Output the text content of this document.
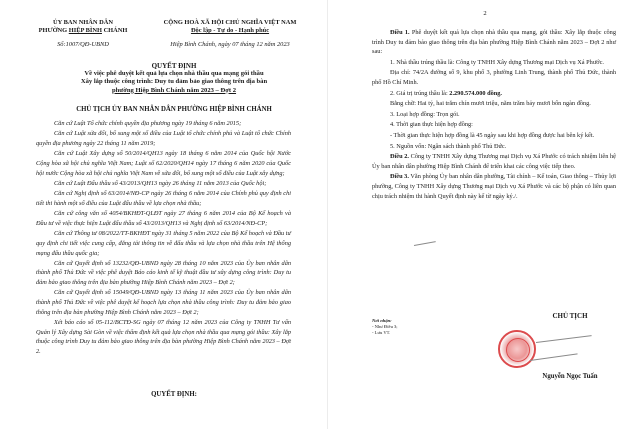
ỦY BAN NHÂN DÂN
PHƯỜNG HIỆP BÌNH CHÁNH
CỘNG HOÀ XÃ HỘI CHỦ NGHĨA VIỆT NAM
Độc lập - Tự do - Hạnh phúc
Số:1007/QĐ-UBND	Hiệp Bình Chánh, ngày 07 tháng 12 năm 2023
QUYẾT ĐỊNH
Về việc phê duyệt kết quả lựa chọn nhà thầu qua mạng gói thầu
Xây lắp thuộc công trình: Duy tu đảm bảo giao thông trên địa bàn
phường Hiệp Bình Chánh năm 2023 – Đợt 2
CHỦ TỊCH ỦY BAN NHÂN DÂN PHƯỜNG HIỆP BÌNH CHÁNH

Căn cứ Luật Tổ chức chính quyền địa phương ngày 19 tháng 6 năm 2015;

Căn cứ Luật sửa đổi, bổ sung một số điều của Luật tổ chức chính phủ và Luật tổ chức Chính quyền địa phương ngày 22 tháng 11 năm 2019;

Căn cứ Luật Xây dựng số 50/2014/QH13 ngày 18 tháng 6 năm 2014 của Quốc hội Nước Cộng hòa xã hội chủ nghĩa Việt Nam; Luật số 62/2020/QH14 ngày 17 tháng 6 năm 2020 của Quốc hội nước Cộng hòa xã hội chủ nghĩa Việt Nam về sửa đổi, bổ sung một số điều của Luật xây dựng;

Căn cứ Luật Đấu thầu số 43/2013/QH13 ngày 26 tháng 11 năm 2013 của Quốc hội;

Căn cứ Nghị định số 63/2014/NĐ-CP ngày 26 tháng 6 năm 2014 của Chính phủ quy định chi tiết thi hành một số điều của Luật đấu thầu về lựa chọn nhà thầu;

Căn cứ công văn số 4054/BKHĐT-QLĐT ngày 27 tháng 6 năm 2014 của Bộ Kế hoạch và Đầu tư về việc thực hiện Luật đấu thầu số 43/2013/QH13 và Nghị định số 63/2014/NĐ-CP;

Căn cứ Thông tư 08/2022/TT-BKHĐT ngày 31 tháng 5 năm 2022 của Bộ Kế hoạch và Đầu tư quy định chi tiết việc cung cấp, đăng tải thông tin về đấu thầu và lựa chọn nhà thầu trên Hệ thống mạng đấu thầu quốc gia;

Căn cứ Quyết định số 13232/QĐ-UBND ngày 28 tháng 10 năm 2023 của Ủy ban nhân dân thành phố Thủ Đức về việc phê duyệt Báo cáo kinh tế kỹ thuật đầu tư xây dựng công trình: Duy tu đảm bảo giao thông trên địa bàn phường Hiệp Bình Chánh năm 2023 – Đợt 2;

Căn cứ Quyết định số 15049/QĐ-UBND ngày 13 tháng 11 năm 2023 của Ủy ban nhân dân thành phố Thủ Đức về việc phê duyệt kế hoạch lựa chọn nhà thầu công trình: Duy tu đảm bảo giao thông trên địa bàn phường Hiệp Bình Chánh năm 2023 – Đợt 2;

Xét báo cáo số 05-112/BCTĐ-SG ngày 07 tháng 12 năm 2023 của Công ty TNHH Tư vấn Quản lý Xây dựng Sài Gòn về việc thẩm định kết quả lựa chọn nhà thầu qua mạng gói thầu: Xây lắp thuộc công trình Duy tu đảm bảo giao thông trên địa bàn phường Hiệp Bình Chánh năm 2023 – Đợt 2.

QUYẾT ĐỊNH:
2

Điều 1. Phê duyệt kết quả lựa chọn nhà thầu qua mạng, gói thầu: Xây lắp thuộc công trình Duy tu đảm bảo giao thông trên địa bàn phường Hiệp Bình Chánh năm 2023 – Đợt 2 như sau:

1. Nhà thầu trúng thầu là: Công ty TNHH Xây dựng Thương mại Dịch vụ Xá Phước.

Địa chỉ: 74/2A đường số 9, khu phố 3, phường Linh Trung, thành phố Thủ Đức, thành phố Hồ Chí Minh.

2. Giá trị trúng thầu là: 2.290.574.000 đồng.

Bằng chữ: Hai tỷ, hai trăm chín mươi triệu, năm trăm bảy mươi bốn ngàn đồng.

3. Loại hợp đồng: Trọn gói.

4. Thời gian thực hiện hợp đồng:

- Thời gian thực hiện hợp đồng là 45 ngày sau khi hợp đồng được hai bên ký kết.

5. Nguồn vốn: Ngân sách thành phố Thủ Đức.

Điều 2. Công ty TNHH Xây dựng Thương mại Dịch vụ Xá Phước có trách nhiệm liên hệ Ủy ban nhân dân phường Hiệp Bình Chánh để triển khai các công việc tiếp theo.

Điều 3. Văn phòng Ủy ban nhân dân phường, Tài chính – Kế toán, Giao thông – Thủy lợi phường, Công ty TNHH Xây dựng Thương mại Dịch vụ Xá Phước và các bộ phận có liên quan chịu trách nhiệm thi hành Quyết định này kể từ ngày ký./.

Nơi nhận:
- Như Điều 3;
- Lưu VT.
CHỦ TỊCH
Nguyễn Ngọc Tuấn
